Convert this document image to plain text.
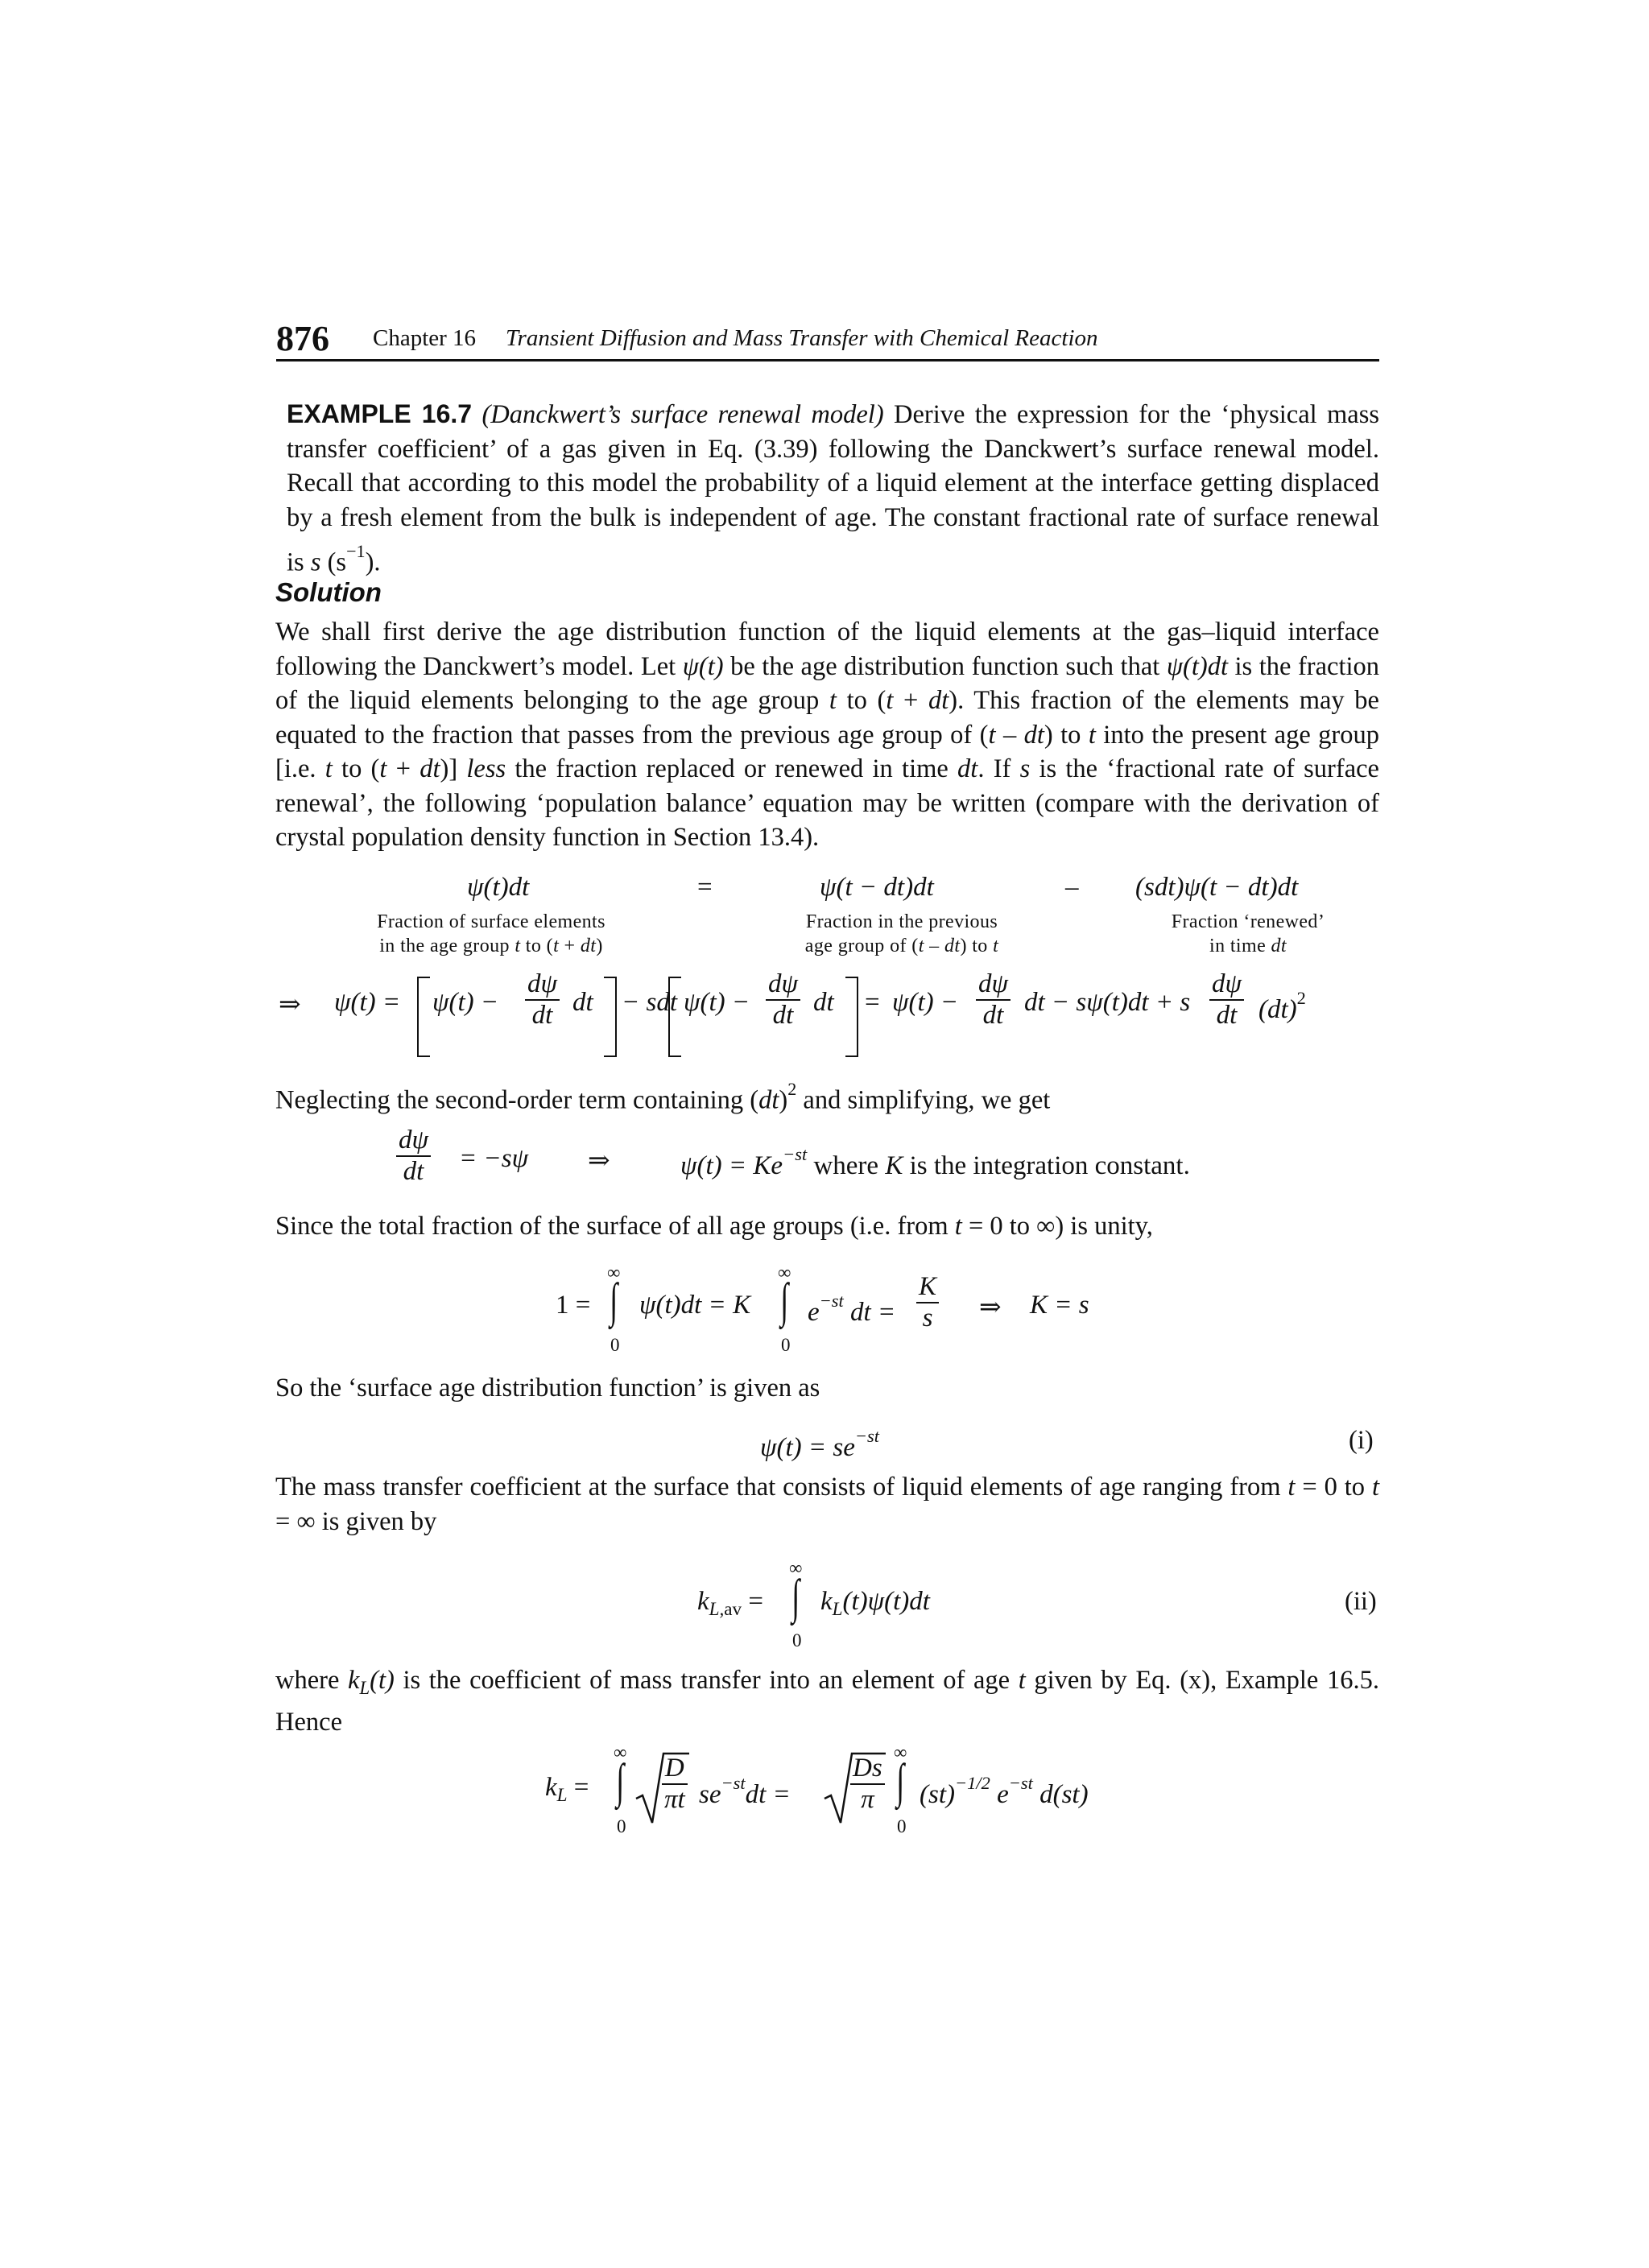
876 Chapter 16 Transient Diffusion and Mass Transfer with Chemical Reaction

EXAMPLE 16.7 (Danckwert’s surface renewal model) Derive the expression for the ‘physical mass transfer coefficient’ of a gas given in Eq. (3.39) following the Danckwert’s surface renewal model. Recall that according to this model the probability of a liquid element at the interface getting displaced by a fresh element from the bulk is independent of age. The constant fractional rate of surface renewal is s $(s^{-1})$.

Solution

We shall first derive the age distribution function of the liquid elements at the gas–liquid interface following the Danckwert’s model. Let ψ(t) be the age distribution function such that ψ(t)dt is the fraction of the liquid elements belonging to the age group t to (t + dt). This fraction of the elements may be equated to the fraction that passes from the previous age group of (t – dt) to t into the present age group [i.e. t to (t + dt)] less the fraction replaced or renewed in time dt. If s is the ‘fractional rate of surface renewal’, the following ‘population balance’ equation may be written (compare with the derivation of crystal population density function in Section 13.4).

ψ(t)dt	=	ψ(t − dt)dt	– (sdt)ψ(t − dt)dt
Fraction of surface elements
in the age group t to (t + dt)
Fraction in the previous
age group of (t – dt) to t
Fraction ‘renewed’
in time dt
⇒ $\psi(t) = \psi(t) - \frac{d\psi}{dt}$ dt − sdt $\psi(t) - \frac{d\psi}{dt}$ dt = $\psi(t) - \frac{d\psi}{dt}$ dt − sψ(t)dt + s $\frac{d\psi}{dt} (dt)^2$

Neglecting the second-order term containing (dt)$^2$ and simplifying, we get

$\frac{d\psi}{dt} = -s\psi$ ⇒	$\psi(t) = Ke^{-st}$ where K is the integration constant.

Since the total fraction of the surface of all age groups (i.e. from t = 0 to ∞) is unity,

1 =
∞
∫
0
ψ(t)dt = K
∞
∫
0
$e^{-st}$ dt = $\frac{K}{s}$ ⇒ K = s

So the ‘surface age distribution function’ is given as

$\psi(t) = se^{-st}$	(i)

The mass transfer coefficient at the surface that consists of liquid elements of age ranging from t = 0 to t = ∞ is given by

$k_{L,av}$ =
∞
∫
0
$k_L(t)\psi(t)dt$	(ii)

where $k_L(t)$ is the coefficient of mass transfer into an element of age t given by Eq. (x), Example 16.5. Hence

$k_L$ =
∞
∫
0
$\frac{D}{\pi t} se^{-st}dt = \frac{Ds}{\pi}$
∞
∫
0
(st)$^{-1/2}$ $e^{-st}$ d(st)
